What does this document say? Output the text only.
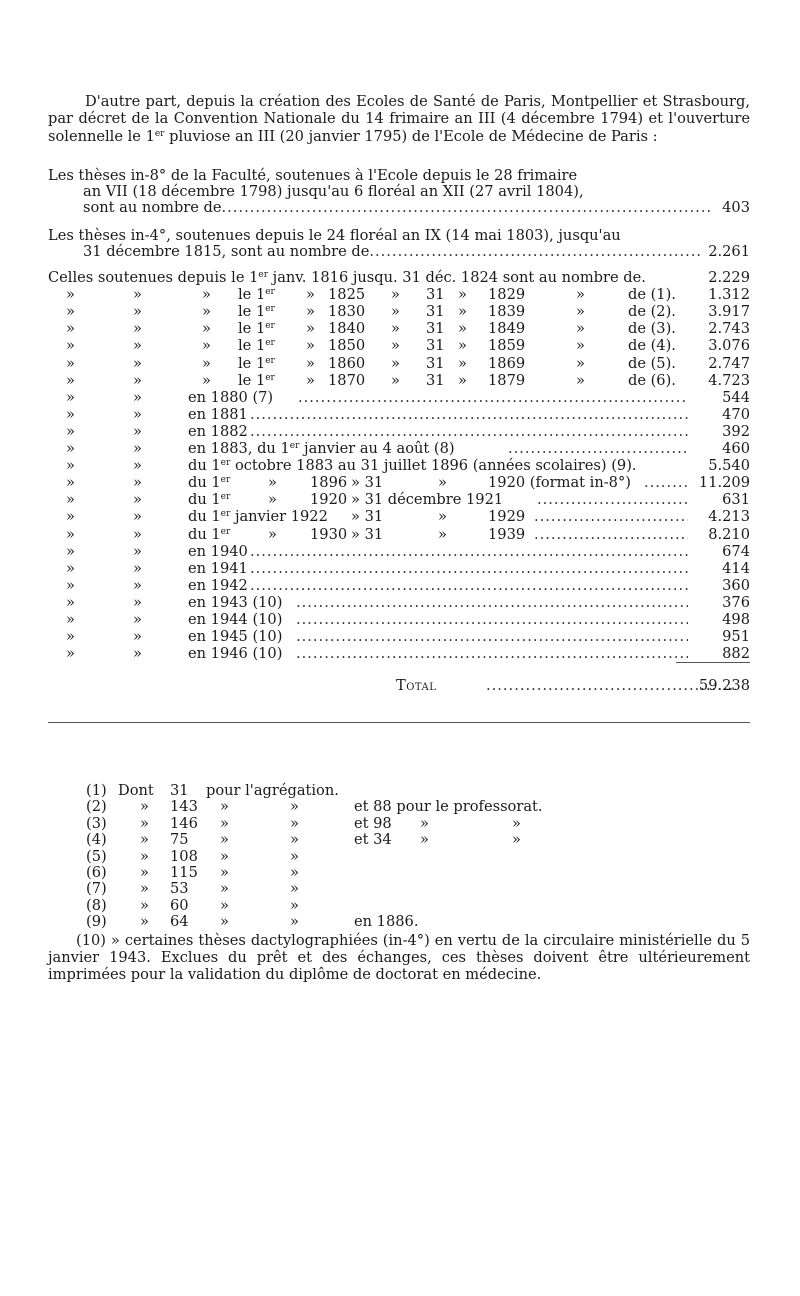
D'autre part, depuis la création des Ecoles de Santé de Paris, Montpellier et Strasbourg, par décret de la Convention Nationale du 14 frimaire an III (4 décembre 1794) et l'ouverture solennelle le 1er pluviose an III (20 janvier 1795) de l'Ecole de Médecine de Paris :

Les thèses in-8° de la Faculté, soutenues à l'Ecole depuis le 28 frimaire
an VII (18 décembre 1798) jusqu'au 6 floréal an XII (27 avril 1804),
sont au nombre de .....	403
Les thèses in-4°, soutenues depuis le 24 floréal an IX (14 mai 1803), jusqu'au
31 décembre 1815, sont au nombre de .....	2.261
Celles soutenues depuis le 1er janv. 1816 jusqu. 31 déc. 1824 sont au nombre de.	2.229
»	»	» le 1er » 1825 » 31 » 1829	»	de (1). 1.312
»	»	» le 1er » 1830 » 31 » 1839	»	de (2). 3.917
»	»	» le 1er » 1840 » 31 » 1849	»	de (3). 2.743
»	»	» le 1er » 1850 » 31 » 1859	»	de (4). 3.076
»	»	» le 1er » 1860 » 31 » 1869	»	de (5). 2.747
»	»	» le 1er » 1870 » 31 » 1879	»	de (6). 4.723
»	»	en 1880 (7) .....	544
»	»	en 1881 .....	470
»	»	en 1882 .....	392
»	»	en 1883, du 1er janvier au 4 août (8) .....	460
»	»	du 1er octobre 1883 au 31 juillet 1896 (années scolaires) (9).	5.540
»	»	du 1er	» 1896 » 31	»	1920 (format in-8°) .....	11.209
»	»	du 1er	» 1920 » 31 décembre 1921 .....	631
»	»	du 1er janvier 1922 » 31	»	1929 .....	4.213
»	»	du 1er	» 1930 » 31	»	1939 .....	8.210
»	»	en 1940 .....	674
»	»	en 1941 .....	414
»	»	en 1942 .....	360
»	»	en 1943 (10) .....	376
»	»	en 1944 (10) .....	498
»	»	en 1945 (10) .....	951
»	»	en 1946 (10) .....	882
Total .....	59.238
(1) Dont 31 pour l'agrégation.
(2) » 143 »	»	et 88 pour le professorat.
(3) » 146 »	»	et 98 »	»
(4) » 75 »	»	et 34 »	»
(5) » 108 »	»
(6) » 115 »	»
(7) » 53 »	»
(8) » 60 »	»
(9) » 64 »	»	en 1886.

(10) » certaines thèses dactylographiées (in-4°) en vertu de la circulaire ministérielle du 5 janvier 1943. Exclues du prêt et des échanges, ces thèses doivent être ultérieurement imprimées pour la validation du diplôme de doctorat en médecine.
